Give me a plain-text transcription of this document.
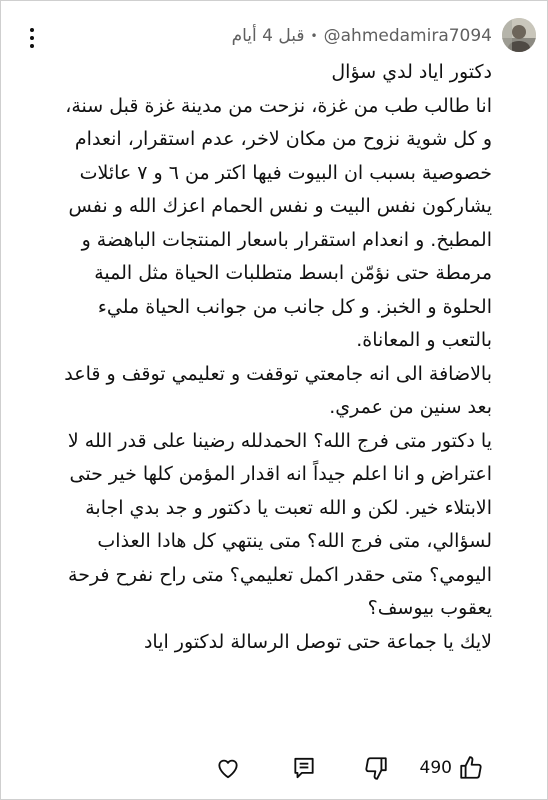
@ahmedamira7094
•
قبل 4 أيام

دكتور اياد لدي سؤال

انا طالب طب من غزة، نزحت من مدينة غزة قبل سنة، و كل شوية نزوح من مكان لاخر، عدم استقرار، انعدام خصوصية بسبب ان البيوت فيها اكتر من ٦ و ٧ عائلات يشاركون نفس البيت و نفس الحمام اعزك الله و نفس المطبخ. و انعدام استقرار باسعار المنتجات الباهضة و مرمطة حتى نؤمّن ابسط متطلبات الحياة مثل المية الحلوة و الخبز. و كل جانب من جوانب الحياة مليء بالتعب و المعاناة.

بالاضافة الى انه جامعتي توقفت و تعليمي توقف و قاعد بعد سنين من عمري.

يا دكتور متى فرج الله؟ الحمدلله رضينا على قدر الله لا اعتراض و انا اعلم جيداً انه اقدار المؤمن كلها خير حتى الابتلاء خير. لكن و الله تعبت يا دكتور و جد بدي اجابة لسؤالي، متى فرج الله؟ متى ينتهي كل هادا العذاب اليومي؟ متى حقدر اكمل تعليمي؟ متى راح نفرح فرحة يعقوب بيوسف؟

لايك يا جماعة حتى توصل الرسالة لدكتور اياد

490
